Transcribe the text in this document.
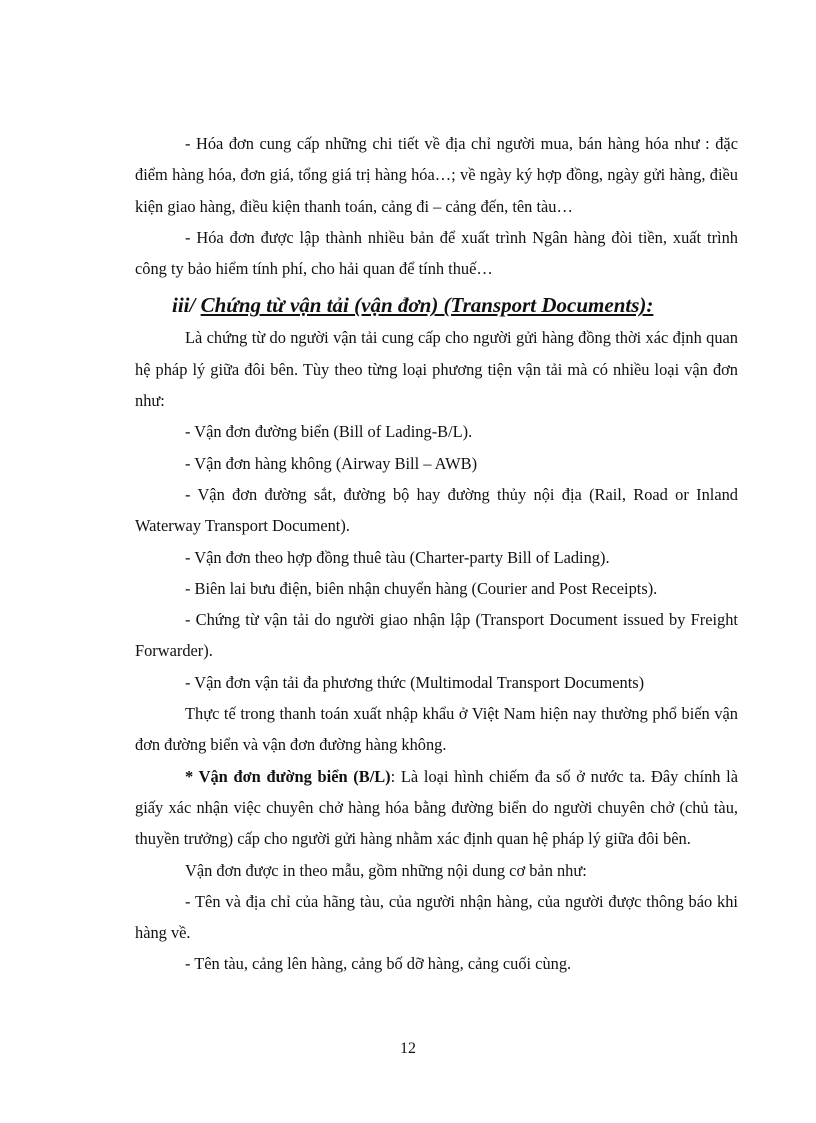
- Hóa đơn cung cấp những chi tiết về địa chỉ người mua, bán hàng hóa như : đặc điểm hàng hóa, đơn giá, tổng giá trị hàng hóa…; về ngày ký hợp đồng, ngày gửi hàng, điều kiện giao hàng, điều kiện thanh toán, cảng đi – cảng đến, tên tàu…

- Hóa đơn được lập thành nhiều bản để xuất trình Ngân hàng đòi tiền, xuất trình công ty bảo hiểm tính phí, cho hải quan để tính thuế…

iii/ Chứng từ vận tải (vận đơn) (Transport Documents):

Là chứng từ do người vận tải cung cấp cho người gửi hàng đồng thời xác định quan hệ pháp lý giữa đôi bên. Tùy theo từng loại phương tiện vận tải mà có nhiều loại vận đơn như:

- Vận đơn đường biển (Bill of Lading-B/L).

- Vận đơn hàng không (Airway Bill – AWB)

- Vận đơn đường sắt, đường bộ hay đường thủy nội địa (Rail, Road or Inland Waterway Transport Document).

- Vận đơn theo hợp đồng thuê tàu (Charter-party Bill of Lading).

- Biên lai bưu điện, biên nhận chuyển hàng (Courier and Post Receipts).

- Chứng từ vận tải do người giao nhận lập (Transport Document issued by Freight Forwarder).

- Vận đơn vận tải đa phương thức (Multimodal Transport Documents)

Thực tế trong thanh toán xuất nhập khẩu ở Việt Nam hiện nay thường phổ biến vận đơn đường biển và vận đơn đường hàng không.

* Vận đơn đường biển (B/L): Là loại hình chiếm đa số ở nước ta. Đây chính là giấy xác nhận việc chuyên chở hàng hóa bằng đường biển do người chuyên chở (chủ tàu, thuyền trưởng) cấp cho người gửi hàng nhằm xác định quan hệ pháp lý giữa đôi bên.

Vận đơn được in theo mẫu, gồm những nội dung cơ bản như:

- Tên và địa chỉ của hãng tàu, của người nhận hàng, của người được thông báo khi hàng về.

- Tên tàu, cảng lên hàng, cảng bố dỡ hàng, cảng cuối cùng.

12
